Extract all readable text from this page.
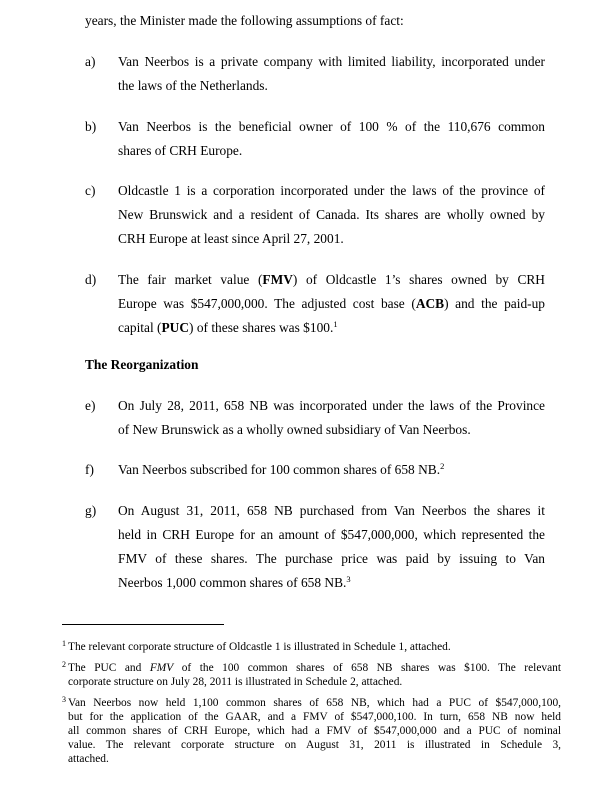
years, the Minister made the following assumptions of fact:
a) Van Neerbos is a private company with limited liability, incorporated under
the laws of the Netherlands.
b) Van Neerbos is the beneficial owner of 100 % of the 110,676 common
shares of CRH Europe.
c) Oldcastle 1 is a corporation incorporated under the laws of the province of
New Brunswick and a resident of Canada. Its shares are wholly owned by
CRH Europe at least since April 27, 2001.
d) The fair market value (FMV) of Oldcastle 1’s shares owned by CRH
Europe was $547,000,000. The adjusted cost base (ACB) and the paid-up
capital (PUC) of these shares was $100.$^1$
The Reorganization
e) On July 28, 2011, 658 NB was incorporated under the laws of the Province
of New Brunswick as a wholly owned subsidiary of Van Neerbos.
f) Van Neerbos subscribed for 100 common shares of 658 NB.$^2$
g) On August 31, 2011, 658 NB purchased from Van Neerbos the shares it
held in CRH Europe for an amount of $547,000,000, which represented the
FMV of these shares. The purchase price was paid by issuing to Van
Neerbos 1,000 common shares of 658 NB.$^3$
1 The relevant corporate structure of Oldcastle 1 is illustrated in Schedule 1, attached.
2 The PUC and FMV of the 100 common shares of 658 NB shares was $100. The relevant
corporate structure on July 28, 2011 is illustrated in Schedule 2, attached.
3 Van Neerbos now held 1,100 common shares of 658 NB, which had a PUC of $547,000,100,
but for the application of the GAAR, and a FMV of $547,000,100. In turn, 658 NB now held
all common shares of CRH Europe, which had a FMV of $547,000,000 and a PUC of nominal
value. The relevant corporate structure on August 31, 2011 is illustrated in Schedule 3,
attached.
